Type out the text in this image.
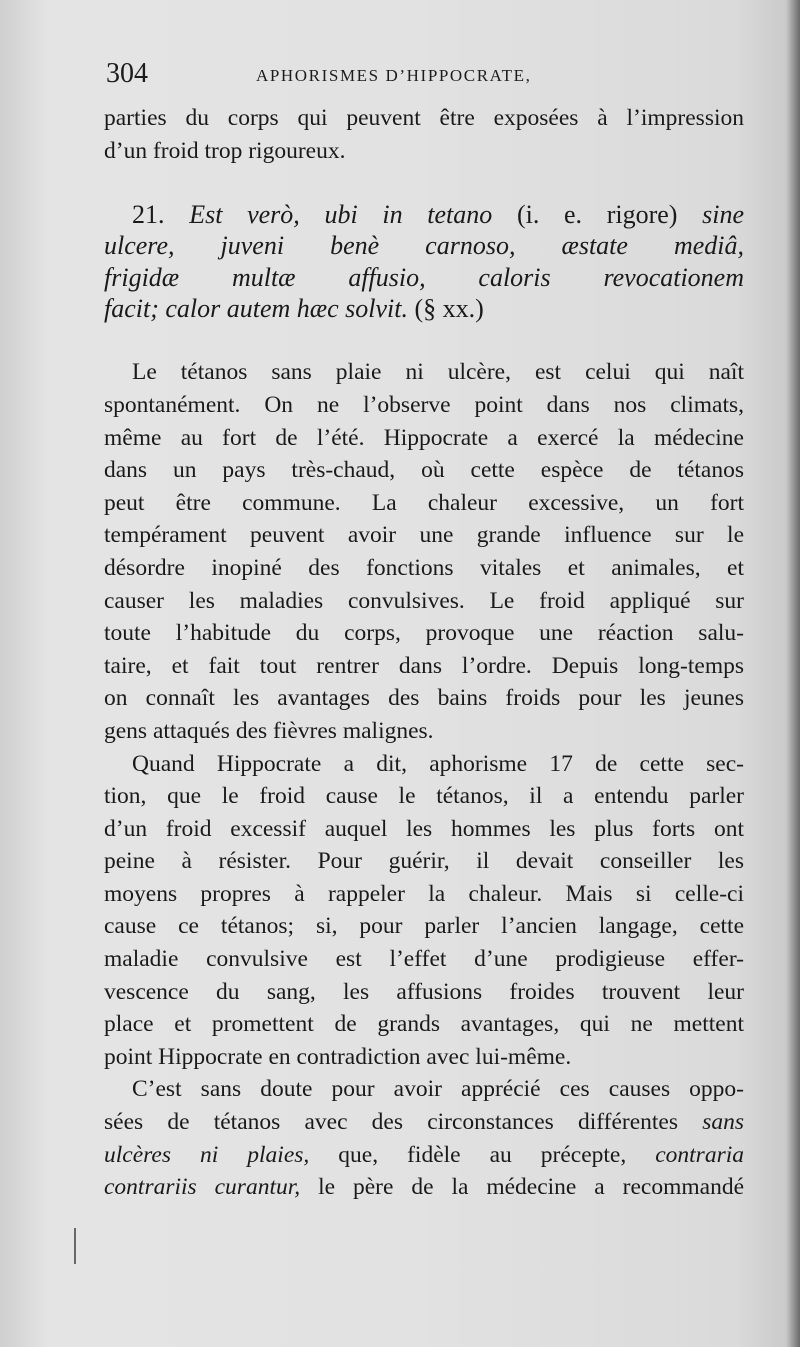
304	APHORISMES D’HIPPOCRATE,

parties du corps qui peuvent être exposées à l’impression
d’un froid trop rigoureux.

21. Est verò, ubi in tetano (i. e. rigore) sine
ulcere, juveni benè carnoso, æstate mediâ,
frigidæ multæ affusio, caloris revocationem
facit; calor autem hæc solvit. (§ xx.)

Le tétanos sans plaie ni ulcère, est celui qui naît
spontanément. On ne l’observe point dans nos climats,
même au fort de l’été. Hippocrate a exercé la médecine
dans un pays très-chaud, où cette espèce de tétanos
peut être commune. La chaleur excessive, un fort
tempérament peuvent avoir une grande influence sur le
désordre inopiné des fonctions vitales et animales, et
causer les maladies convulsives. Le froid appliqué sur
toute l’habitude du corps, provoque une réaction salu-
taire, et fait tout rentrer dans l’ordre. Depuis long-temps
on connaît les avantages des bains froids pour les jeunes
gens attaqués des fièvres malignes.

Quand Hippocrate a dit, aphorisme 17 de cette sec-
tion, que le froid cause le tétanos, il a entendu parler
d’un froid excessif auquel les hommes les plus forts ont
peine à résister. Pour guérir, il devait conseiller les
moyens propres à rappeler la chaleur. Mais si celle-ci
cause ce tétanos; si, pour parler l’ancien langage, cette
maladie convulsive est l’effet d’une prodigieuse effer-
vescence du sang, les affusions froides trouvent leur
place et promettent de grands avantages, qui ne mettent
point Hippocrate en contradiction avec lui-même.

C’est sans doute pour avoir apprécié ces causes oppo-
sées de tétanos avec des circonstances différentes sans
ulcères ni plaies, que, fidèle au précepte, contraria
contrariis curantur, le père de la médecine a recommandé
